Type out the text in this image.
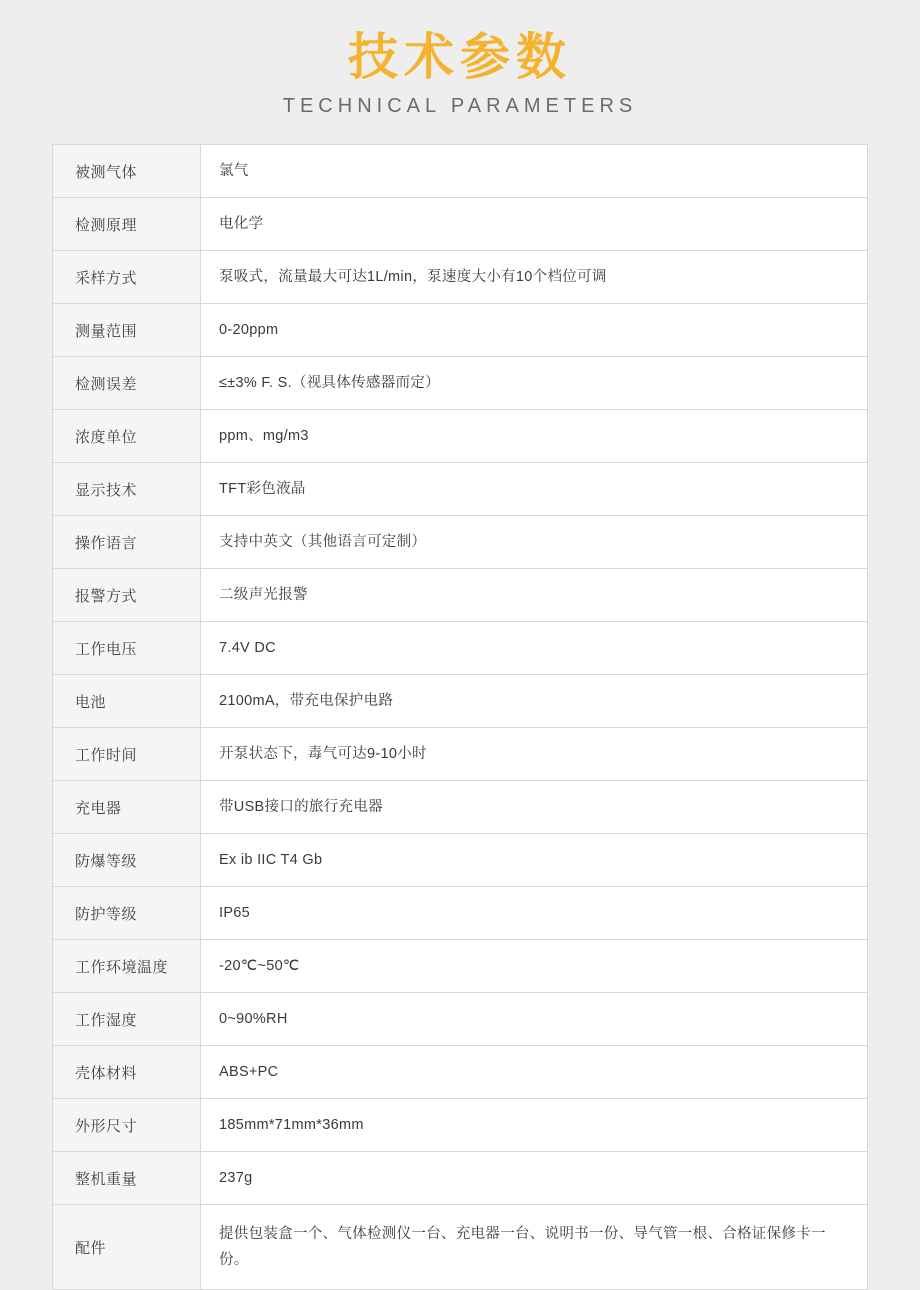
技术参数
TECHNICAL PARAMETERS
被测气体	氯气
检测原理	电化学
采样方式	泵吸式，流量最大可达1L/min，泵速度大小有10个档位可调
测量范围	0-20ppm
检测误差	≤±3% F. S.（视具体传感器而定）
浓度单位	ppm、mg/m3
显示技术	TFT彩色液晶
操作语言	支持中英文（其他语言可定制）
报警方式	二级声光报警
工作电压	7.4V DC
电池	2100mA，带充电保护电路
工作时间	开泵状态下，毒气可达9-10小时
充电器	带USB接口的旅行充电器
防爆等级	Ex ib IIC T4 Gb
防护等级	IP65
工作环境温度	-20℃~50℃
工作湿度	0~90%RH
壳体材料	ABS+PC
外形尺寸	185mm*71mm*36mm
整机重量	237g
配件	提供包装盒一个、气体检测仪一台、充电器一台、说明书一份、导气管一根、合格证保修卡一份。
